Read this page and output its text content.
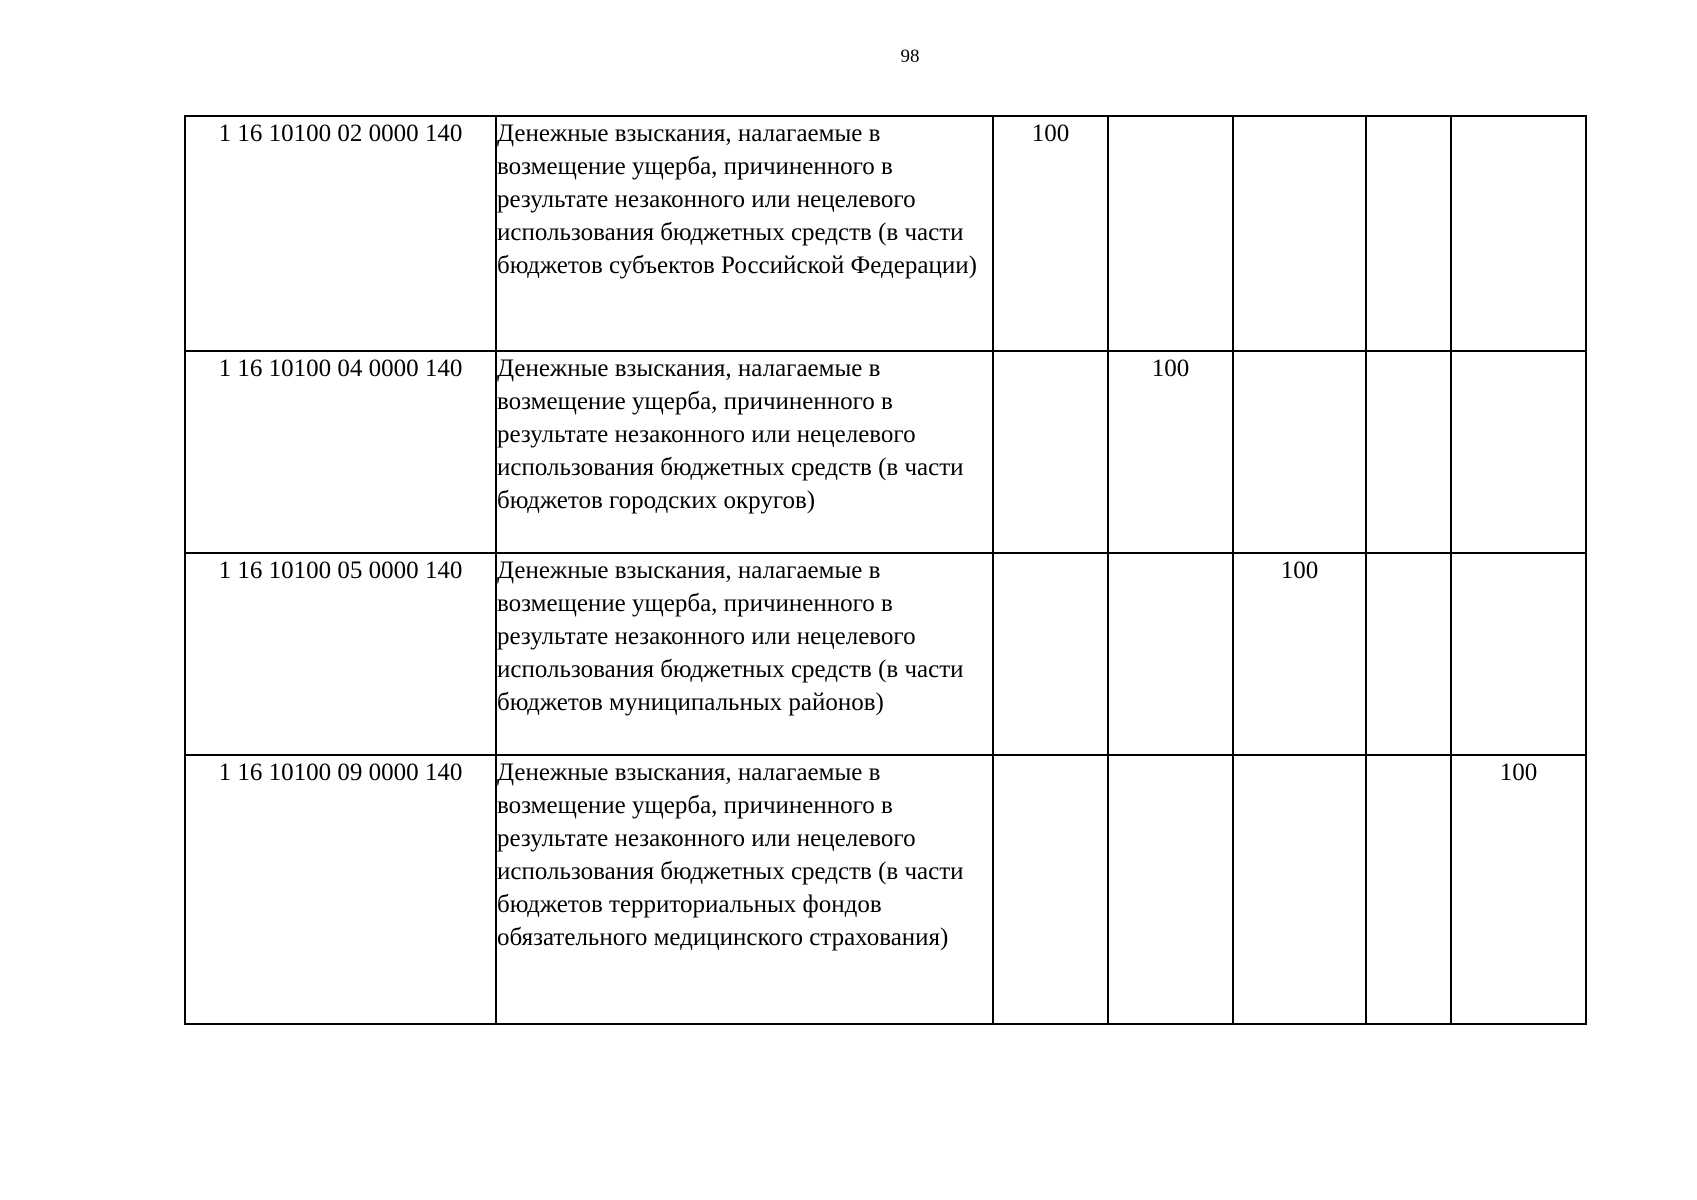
98
1 16 10100 02 0000 140	Денежные взыскания, налагаемые в возмещение ущерба, причиненного в результате незаконного или нецелевого использования бюджетных средств (в части бюджетов субъектов Российской Федерации)	100				
1 16 10100 04 0000 140	Денежные взыскания, налагаемые в возмещение ущерба, причиненного в результате незаконного или нецелевого использования бюджетных средств (в части бюджетов городских округов)		100			
1 16 10100 05 0000 140	Денежные взыскания, налагаемые в возмещение ущерба, причиненного в результате незаконного или нецелевого использования бюджетных средств (в части бюджетов муниципальных районов)			100		
1 16 10100 09 0000 140	Денежные взыскания, налагаемые в возмещение ущерба, причиненного в результате незаконного или нецелевого использования бюджетных средств (в части бюджетов территориальных фондов обязательного медицинского страхования)					100
